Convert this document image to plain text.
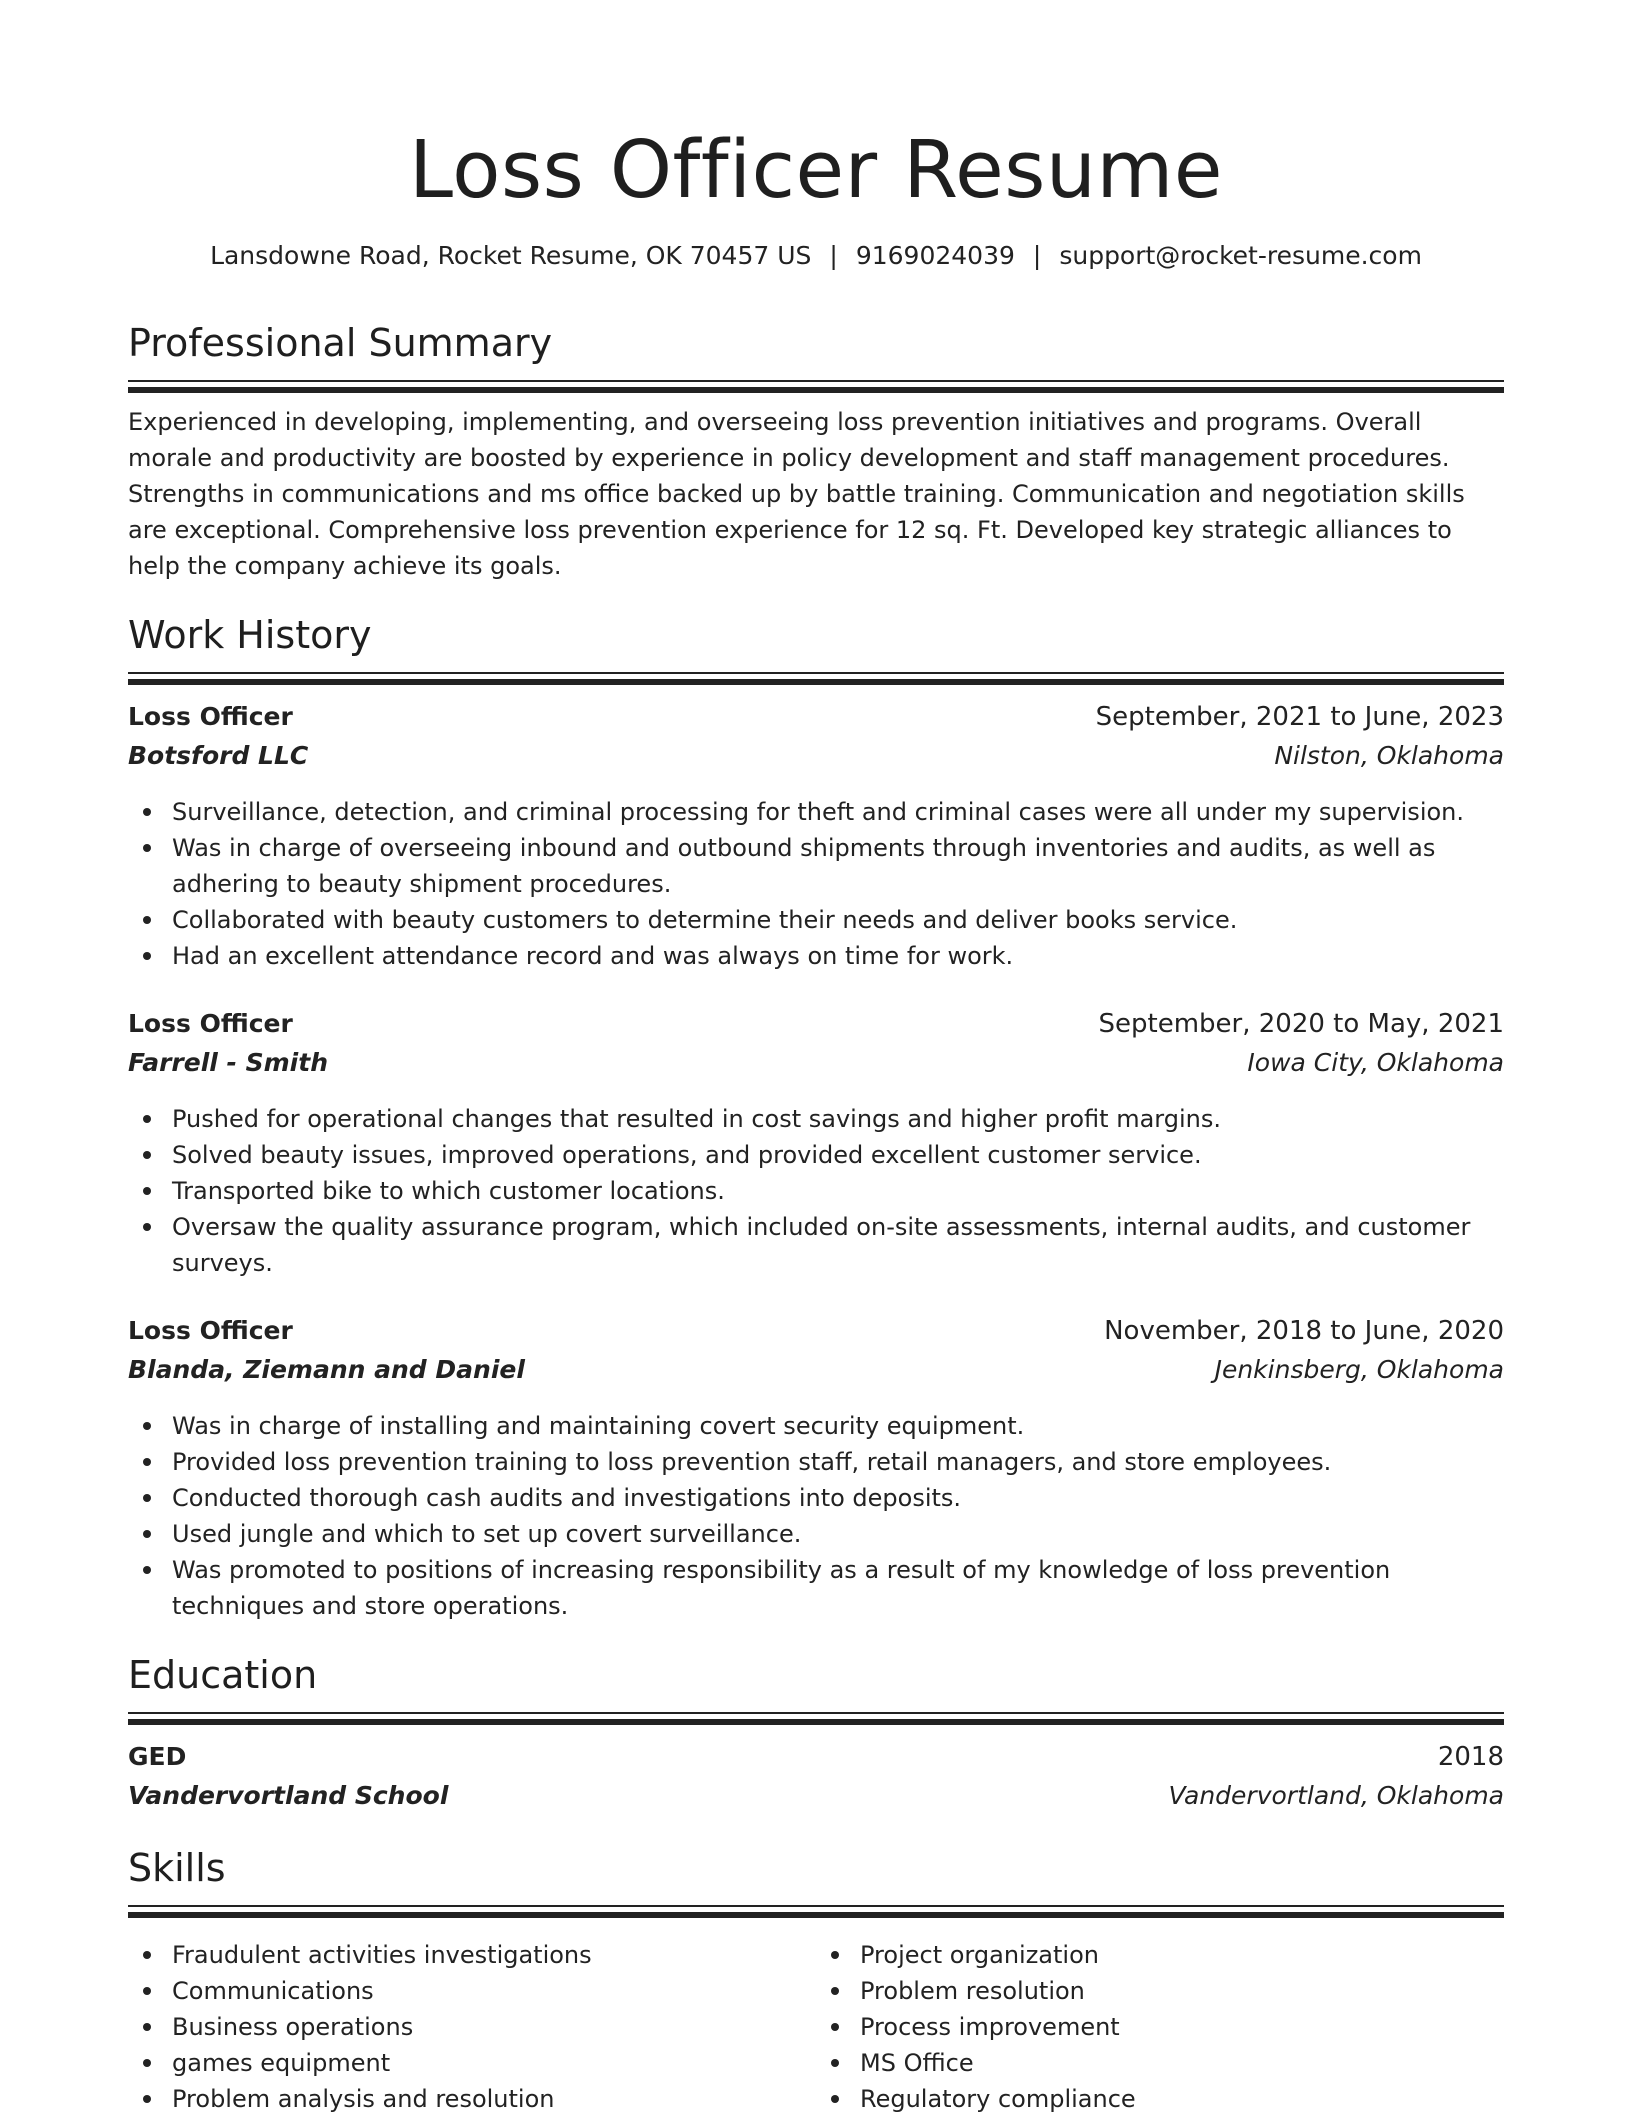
Loss Officer Resume
Lansdowne Road, Rocket Resume, OK 70457 US | 9169024039 | support@rocket-resume.com
Professional Summary

Experienced in developing, implementing, and overseeing loss prevention initiatives and programs. Overall morale and productivity are boosted by experience in policy development and staff management procedures. Strengths in communications and ms office backed up by battle training. Communication and negotiation skills are exceptional. Comprehensive loss prevention experience for 12 sq. Ft. Developed key strategic alliances to help the company achieve its goals.

Work History
Loss Officer	September, 2021 to June, 2023
Botsford LLC	Nilston, Oklahoma
Surveillance, detection, and criminal processing for theft and criminal cases were all under my supervision.
Was in charge of overseeing inbound and outbound shipments through inventories and audits, as well as adhering to beauty shipment procedures.
Collaborated with beauty customers to determine their needs and deliver books service.
Had an excellent attendance record and was always on time for work.
Loss Officer	September, 2020 to May, 2021
Farrell - Smith	Iowa City, Oklahoma
Pushed for operational changes that resulted in cost savings and higher profit margins.
Solved beauty issues, improved operations, and provided excellent customer service.
Transported bike to which customer locations.
Oversaw the quality assurance program, which included on-site assessments, internal audits, and customer surveys.
Loss Officer	November, 2018 to June, 2020
Blanda, Ziemann and Daniel	Jenkinsberg, Oklahoma
Was in charge of installing and maintaining covert security equipment.
Provided loss prevention training to loss prevention staff, retail managers, and store employees.
Conducted thorough cash audits and investigations into deposits.
Used jungle and which to set up covert surveillance.
Was promoted to positions of increasing responsibility as a result of my knowledge of loss prevention techniques and store operations.
Education
GED	2018
Vandervortland School	Vandervortland, Oklahoma
Skills
Fraudulent activities investigations
Communications
Business operations
games equipment
Problem analysis and resolution
Project organization
Problem resolution
Process improvement
MS Office
Regulatory compliance
